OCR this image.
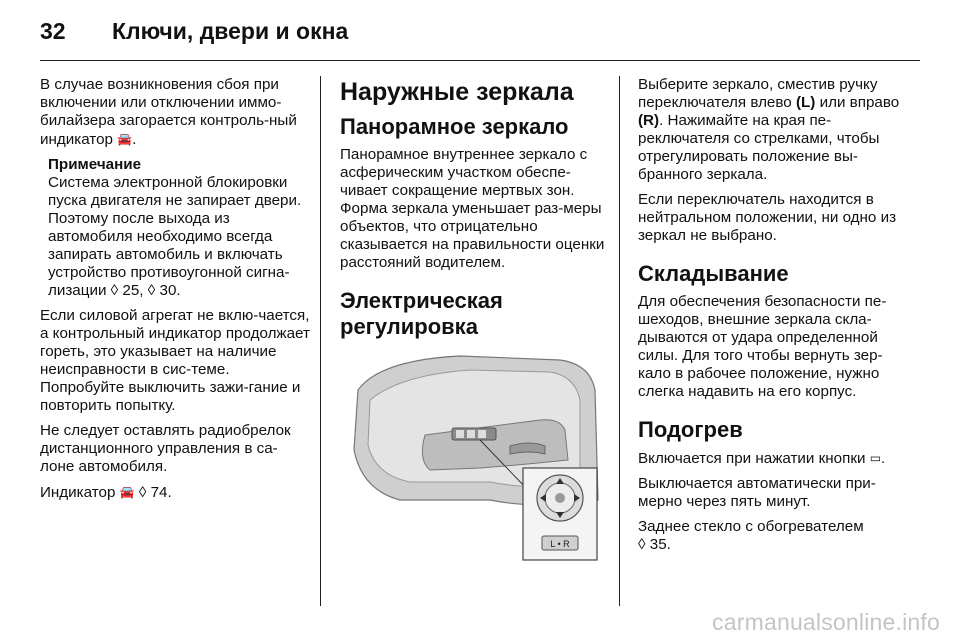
32	Ключи, двери и окна

В случае возникновения сбоя при включении или отключении иммо-билайзера загорается контроль-ный индикатор 🚘.

Примечание
Система электронной блокировки пуска двигателя не запирает двери. Поэтому после выхода из автомобиля необходимо всегда запирать автомобиль и включать устройство противоугонной сигна-лизации ◊ 25, ◊ 30.

Если силовой агрегат не вклю-чается, а контрольный индикатор продолжает гореть, это указывает на наличие неисправности в сис-теме. Попробуйте выключить зажи-гание и повторить попытку.

Не следует оставлять радиобрелок дистанционного управления в са-лоне автомобиля.

Индикатор 🚘 ◊ 74.

Наружные зеркала
Панорамное зеркало

Панорамное внутреннее зеркало с асферическим участком обеспе-чивает сокращение мертвых зон. Форма зеркала уменьшает раз-меры объектов, что отрицательно сказывается на правильности оценки расстояний водителем.

Электрическая регулировка
L • R

Выберите зеркало, сместив ручку переключателя влево (L) или вправо (R). Нажимайте на края пе-реключателя со стрелками, чтобы отрегулировать положение вы-бранного зеркала.

Если переключатель находится в нейтральном положении, ни одно из зеркал не выбрано.

Складывание

Для обеспечения безопасности пе-шеходов, внешние зеркала скла-дываются от удара определенной силы. Для того чтобы вернуть зер-кало в рабочее положение, нужно слегка надавить на его корпус.

Подогрев

Включается при нажатии кнопки ▭.

Выключается автоматически при-мерно через пять минут.

Заднее стекло с обогревателем
◊ 35.

carmanualsonline.info
